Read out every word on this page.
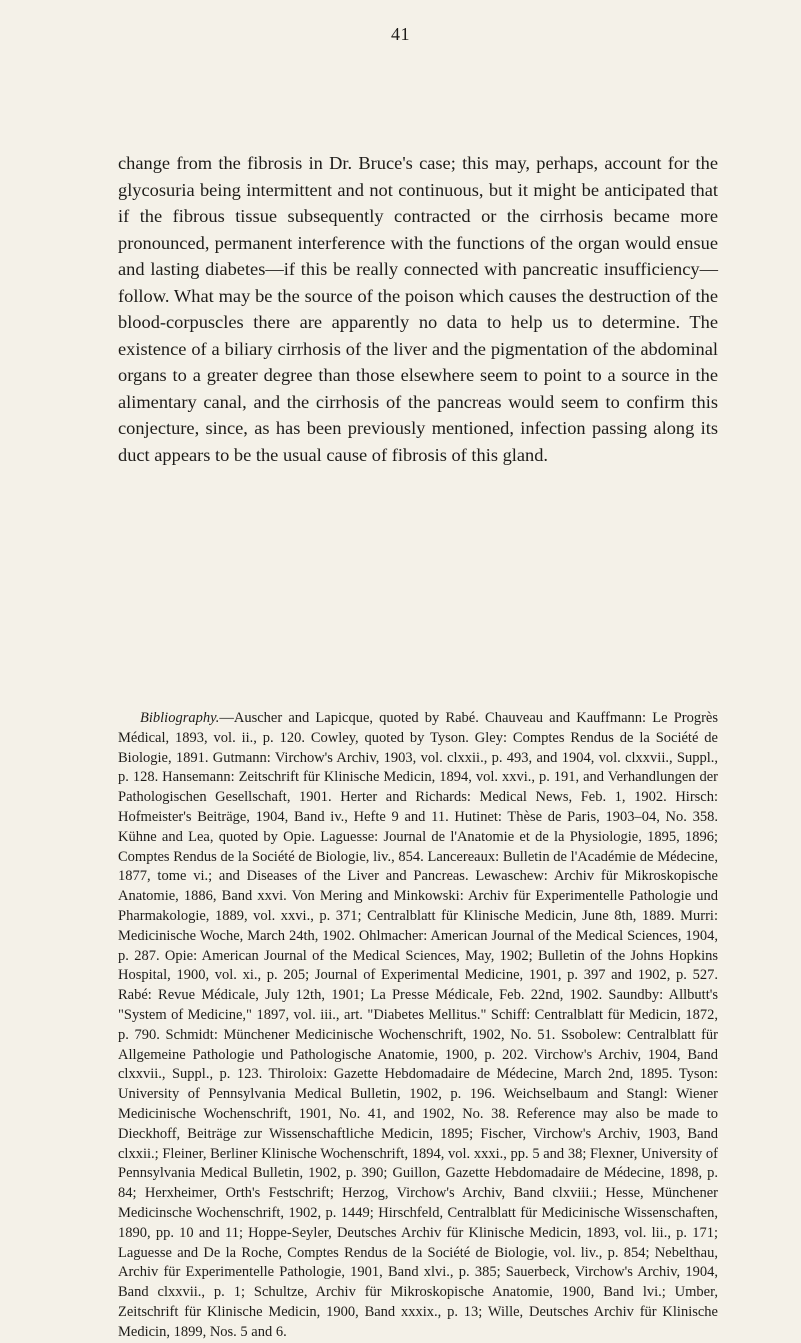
41

change from the fibrosis in Dr. Bruce's case; this may, perhaps, account for the glycosuria being intermittent and not continuous, but it might be anticipated that if the fibrous tissue subsequently contracted or the cirrhosis became more pronounced, permanent interference with the functions of the organ would ensue and lasting diabetes—if this be really connected with pancreatic insufficiency—follow. What may be the source of the poison which causes the destruction of the blood-corpuscles there are apparently no data to help us to determine. The existence of a biliary cirrhosis of the liver and the pigmentation of the abdominal organs to a greater degree than those elsewhere seem to point to a source in the alimentary canal, and the cirrhosis of the pancreas would seem to confirm this conjecture, since, as has been previously mentioned, infection passing along its duct appears to be the usual cause of fibrosis of this gland.

Bibliography.—Auscher and Lapicque, quoted by Rabé. Chauveau and Kauffmann: Le Progrès Médical, 1893, vol. ii., p. 120. Cowley, quoted by Tyson. Gley: Comptes Rendus de la Société de Biologie, 1891. Gutmann: Virchow's Archiv, 1903, vol. clxxii., p. 493, and 1904, vol. clxxvii., Suppl., p. 128. Hansemann: Zeitschrift für Klinische Medicin, 1894, vol. xxvi., p. 191, and Verhandlungen der Pathologischen Gesellschaft, 1901. Herter and Richards: Medical News, Feb. 1, 1902. Hirsch: Hofmeister's Beiträge, 1904, Band iv., Hefte 9 and 11. Hutinet: Thèse de Paris, 1903–04, No. 358. Kühne and Lea, quoted by Opie. Laguesse: Journal de l'Anatomie et de la Physiologie, 1895, 1896; Comptes Rendus de la Société de Biologie, liv., 854. Lancereaux: Bulletin de l'Académie de Médecine, 1877, tome vi.; and Diseases of the Liver and Pancreas. Lewaschew: Archiv für Mikroskopische Anatomie, 1886, Band xxvi. Von Mering and Minkowski: Archiv für Experimentelle Pathologie und Pharmakologie, 1889, vol. xxvi., p. 371; Centralblatt für Klinische Medicin, June 8th, 1889. Murri: Medicinische Woche, March 24th, 1902. Ohlmacher: American Journal of the Medical Sciences, 1904, p. 287. Opie: American Journal of the Medical Sciences, May, 1902; Bulletin of the Johns Hopkins Hospital, 1900, vol. xi., p. 205; Journal of Experimental Medicine, 1901, p. 397 and 1902, p. 527. Rabé: Revue Médicale, July 12th, 1901; La Presse Médicale, Feb. 22nd, 1902. Saundby: Allbutt's "System of Medicine," 1897, vol. iii., art. "Diabetes Mellitus." Schiff: Centralblatt für Medicin, 1872, p. 790. Schmidt: Münchener Medicinische Wochenschrift, 1902, No. 51. Ssobolew: Centralblatt für Allgemeine Pathologie und Pathologische Anatomie, 1900, p. 202. Virchow's Archiv, 1904, Band clxxvii., Suppl., p. 123. Thiroloix: Gazette Hebdomadaire de Médecine, March 2nd, 1895. Tyson: University of Pennsylvania Medical Bulletin, 1902, p. 196. Weichselbaum and Stangl: Wiener Medicinische Wochenschrift, 1901, No. 41, and 1902, No. 38. Reference may also be made to Dieckhoff, Beiträge zur Wissenschaftliche Medicin, 1895; Fischer, Virchow's Archiv, 1903, Band clxxii.; Fleiner, Berliner Klinische Wochenschrift, 1894, vol. xxxi., pp. 5 and 38; Flexner, University of Pennsylvania Medical Bulletin, 1902, p. 390; Guillon, Gazette Hebdomadaire de Médecine, 1898, p. 84; Herxheimer, Orth's Festschrift; Herzog, Virchow's Archiv, Band clxviii.; Hesse, Münchener Medicinsche Wochenschrift, 1902, p. 1449; Hirschfeld, Centralblatt für Medicinische Wissenschaften, 1890, pp. 10 and 11; Hoppe-Seyler, Deutsches Archiv für Klinische Medicin, 1893, vol. lii., p. 171; Laguesse and De la Roche, Comptes Rendus de la Société de Biologie, vol. liv., p. 854; Nebelthau, Archiv für Experimentelle Pathologie, 1901, Band xlvi., p. 385; Sauerbeck, Virchow's Archiv, 1904, Band clxxvii., p. 1; Schultze, Archiv für Mikroskopische Anatomie, 1900, Band lvi.; Umber, Zeitschrift für Klinische Medicin, 1900, Band xxxix., p. 13; Wille, Deutsches Archiv für Klinische Medicin, 1899, Nos. 5 and 6.
